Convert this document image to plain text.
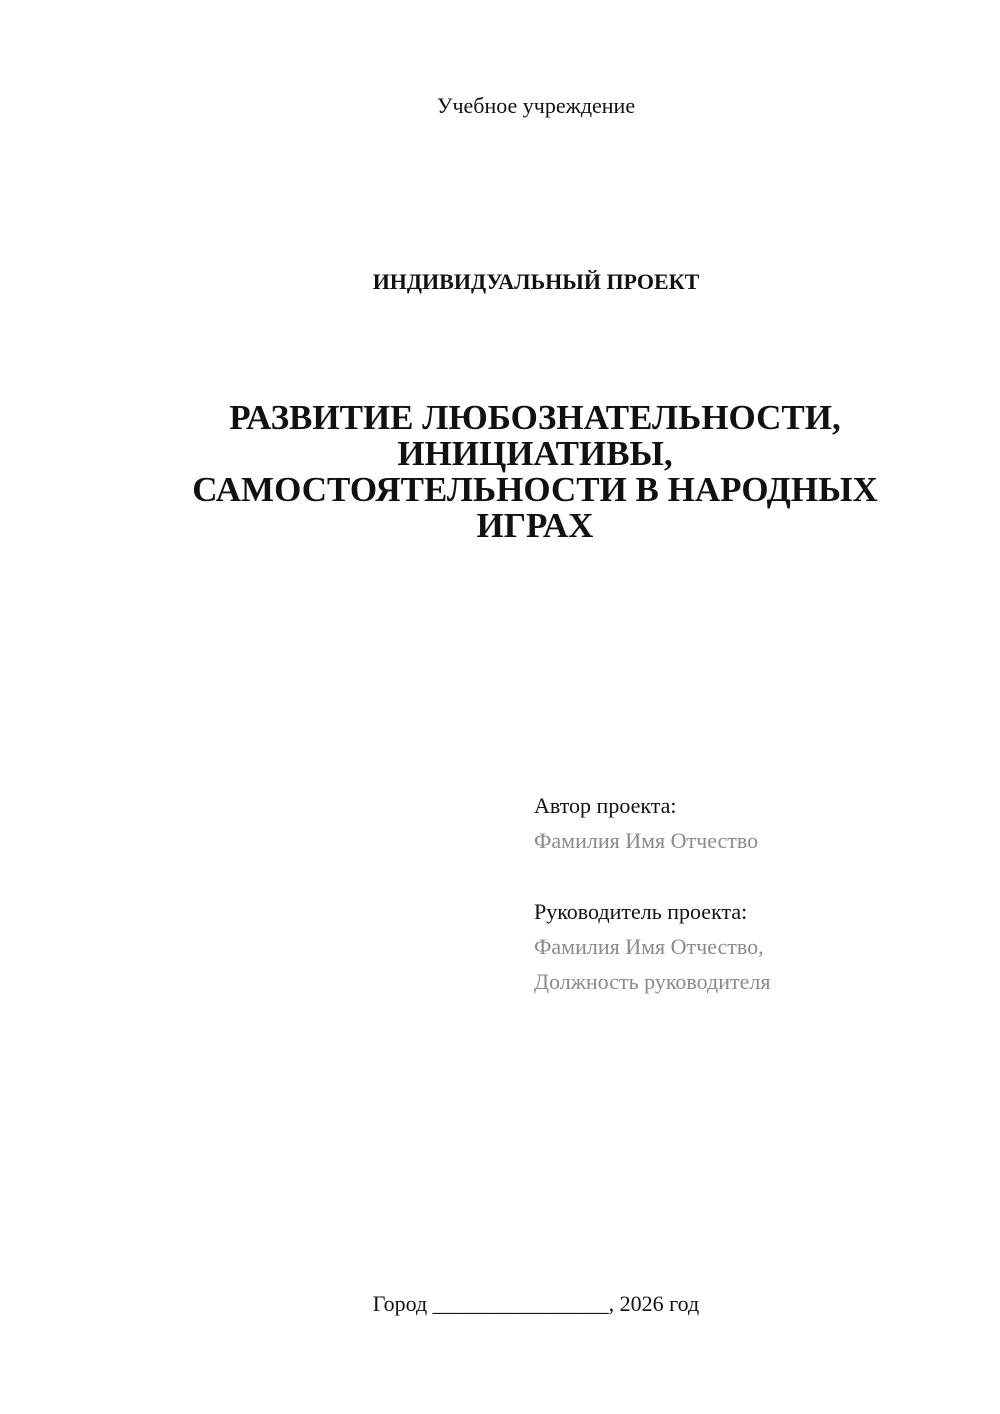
Учебное учреждение
ИНДИВИДУАЛЬНЫЙ ПРОЕКТ
РАЗВИТИЕ ЛЮБОЗНАТЕЛЬНОСТИ,
ИНИЦИАТИВЫ,
САМОСТОЯТЕЛЬНОСТИ В НАРОДНЫХ
ИГРАХ
Автор проекта:
Фамилия Имя Отчество
Руководитель проекта:
Фамилия Имя Отчество,
Должность руководителя
Город ________________, 2026 год
